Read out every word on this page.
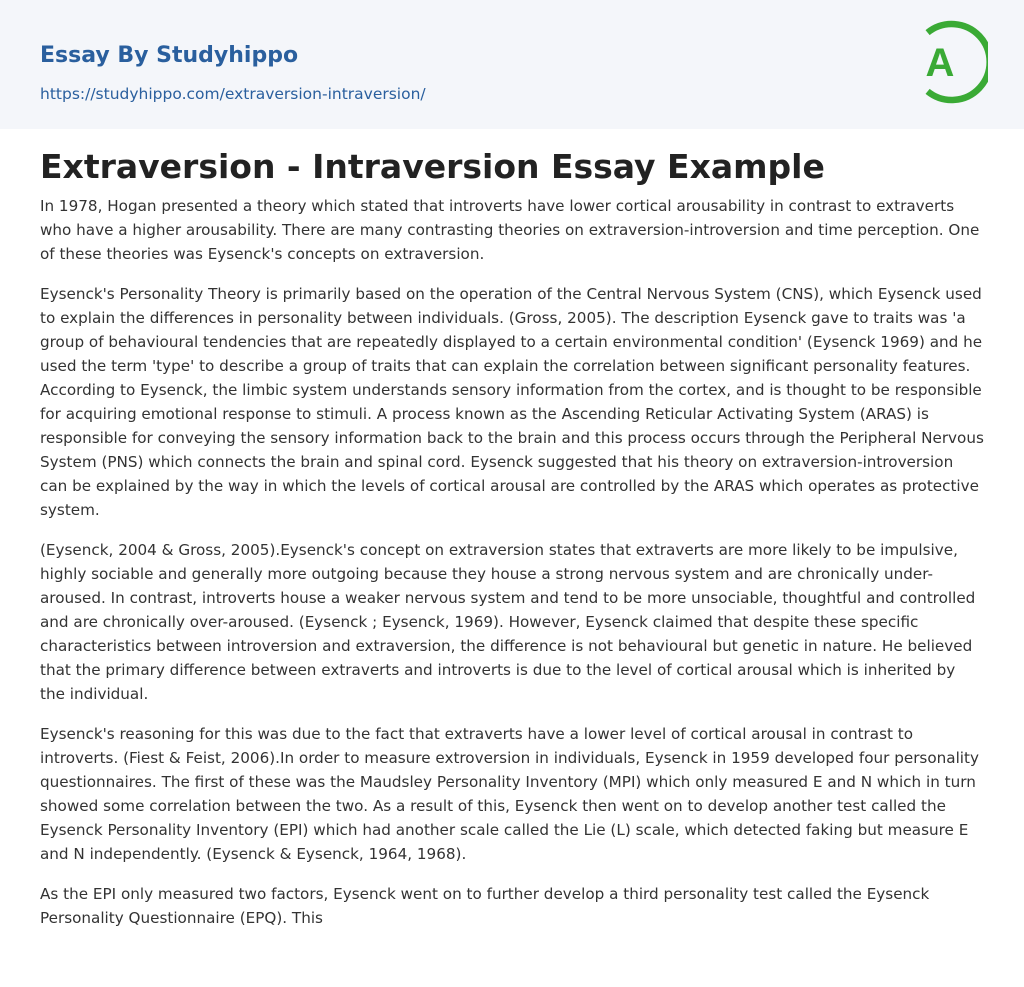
Essay By Studyhippo
https://studyhippo.com/extraversion-intraversion/
A
Extraversion - Intraversion Essay Example

In 1978, Hogan presented a theory which stated that introverts have lower cortical arousability in contrast to extraverts who have a higher arousability. There are many contrasting theories on extraversion-introversion and time perception. One of these theories was Eysenck's concepts on extraversion.

Eysenck's Personality Theory is primarily based on the operation of the Central Nervous System (CNS), which Eysenck used to explain the differences in personality between individuals. (Gross, 2005). The description Eysenck gave to traits was 'a group of behavioural tendencies that are repeatedly displayed to a certain environmental condition' (Eysenck 1969) and he used the term 'type' to describe a group of traits that can explain the correlation between significant personality features. According to Eysenck, the limbic system understands sensory information from the cortex, and is thought to be responsible for acquiring emotional response to stimuli. A process known as the Ascending Reticular Activating System (ARAS) is responsible for conveying the sensory information back to the brain and this process occurs through the Peripheral Nervous System (PNS) which connects the brain and spinal cord. Eysenck suggested that his theory on extraversion-introversion can be explained by the way in which the levels of cortical arousal are controlled by the ARAS which operates as protective system.

(Eysenck, 2004 & Gross, 2005).Eysenck's concept on extraversion states that extraverts are more likely to be impulsive, highly sociable and generally more outgoing because they house a strong nervous system and are chronically under-aroused. In contrast, introverts house a weaker nervous system and tend to be more unsociable, thoughtful and controlled and are chronically over-aroused. (Eysenck ; Eysenck, 1969). However, Eysenck claimed that despite these specific characteristics between introversion and extraversion, the difference is not behavioural but genetic in nature. He believed that the primary difference between extraverts and introverts is due to the level of cortical arousal which is inherited by the individual.

Eysenck's reasoning for this was due to the fact that extraverts have a lower level of cortical arousal in contrast to introverts. (Fiest & Feist, 2006).In order to measure extroversion in individuals, Eysenck in 1959 developed four personality questionnaires. The first of these was the Maudsley Personality Inventory (MPI) which only measured E and N which in turn showed some correlation between the two. As a result of this, Eysenck then went on to develop another test called the Eysenck Personality Inventory (EPI) which had another scale called the Lie (L) scale, which detected faking but measure E and N independently. (Eysenck & Eysenck, 1964, 1968).

As the EPI only measured two factors, Eysenck went on to further develop a third personality test called the Eysenck Personality Questionnaire (EPQ). This
